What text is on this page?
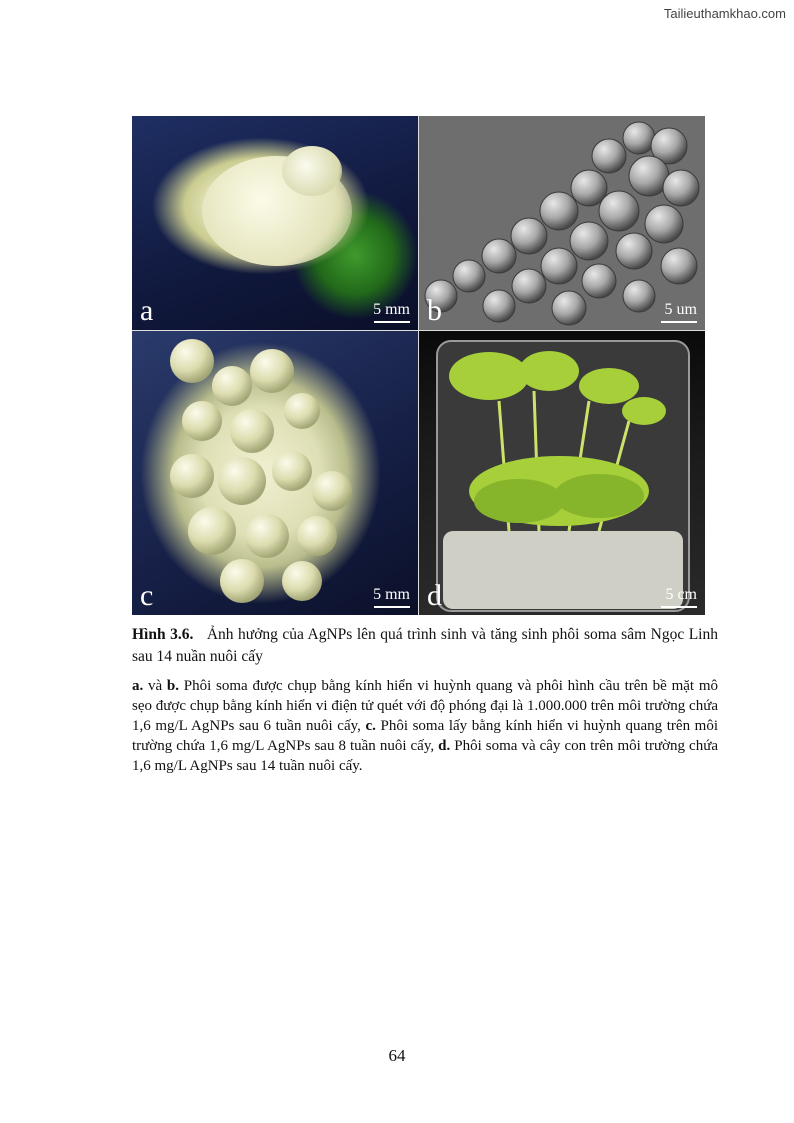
Tailieuthamkhao.com
a	5 mm b	5 um
c	5 mm d	5 cm
Hình 3.6. Ảnh hưởng của AgNPs lên quá trình sinh và tăng sinh phôi soma sâm Ngọc Linh sau 14 nuần nuôi cấy
a. và b. Phôi soma được chụp bằng kính hiển vi huỳnh quang và phôi hình cầu trên bề mặt mô sẹo được chụp bằng kính hiển vi điện tử quét với độ phóng đại là 1.000.000 trên môi trường chứa 1,6 mg/L AgNPs sau 6 tuần nuôi cấy, c. Phôi soma lấy bằng kính hiển vi huỳnh quang trên môi trường chứa 1,6 mg/L AgNPs sau 8 tuần nuôi cấy, d. Phôi soma và cây con trên môi trường chứa 1,6 mg/L AgNPs sau 14 tuần nuôi cấy.
64
